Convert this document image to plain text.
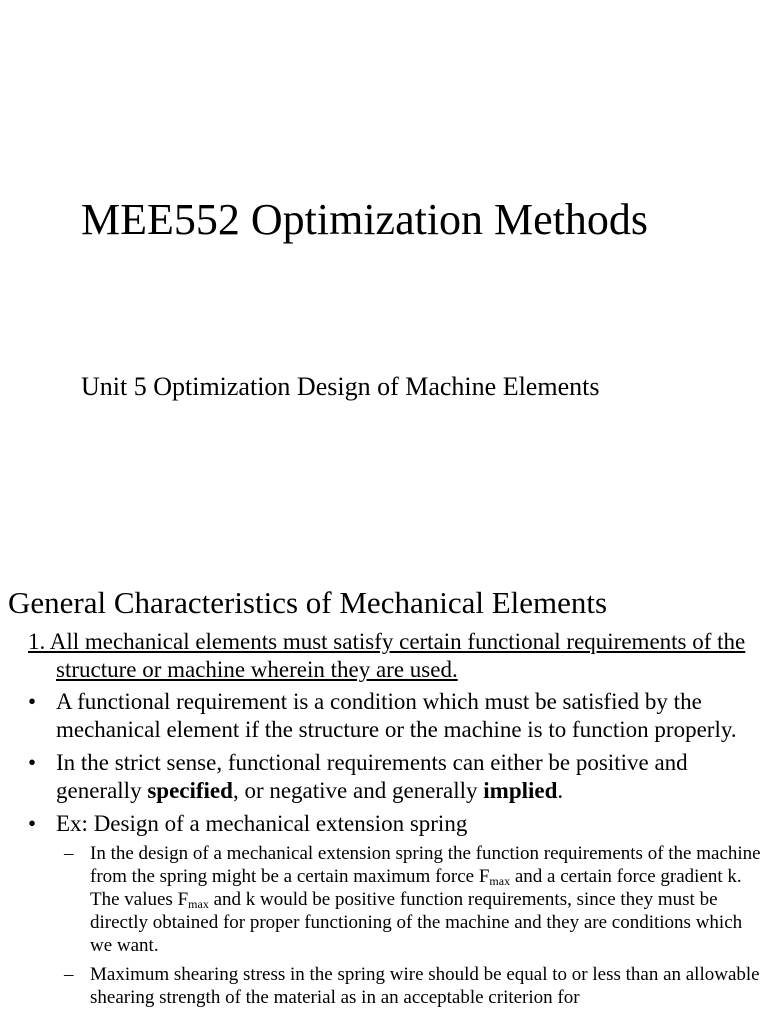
MEE552 Optimization Methods
Unit 5 Optimization Design of Machine Elements
General Characteristics of Mechanical Elements
1. All mechanical elements must satisfy certain functional requirements of the structure or machine wherein they are used.
• A functional requirement is a condition which must be satisfied by the mechanical element if the structure or the machine is to function properly.
• In the strict sense, functional requirements can either be positive and generally specified, or negative and generally implied.
• Ex: Design of a mechanical extension spring
– In the design of a mechanical extension spring the function requirements of the machine from the spring might be a certain maximum force $F_{max}$ and a certain force gradient k. The values $F_{max}$ and k would be positive function requirements, since they must be directly obtained for proper functioning of the machine and they are conditions which we want.
– Maximum shearing stress in the spring wire should be equal to or less than an allowable shearing strength of the material as in an acceptable criterion for
